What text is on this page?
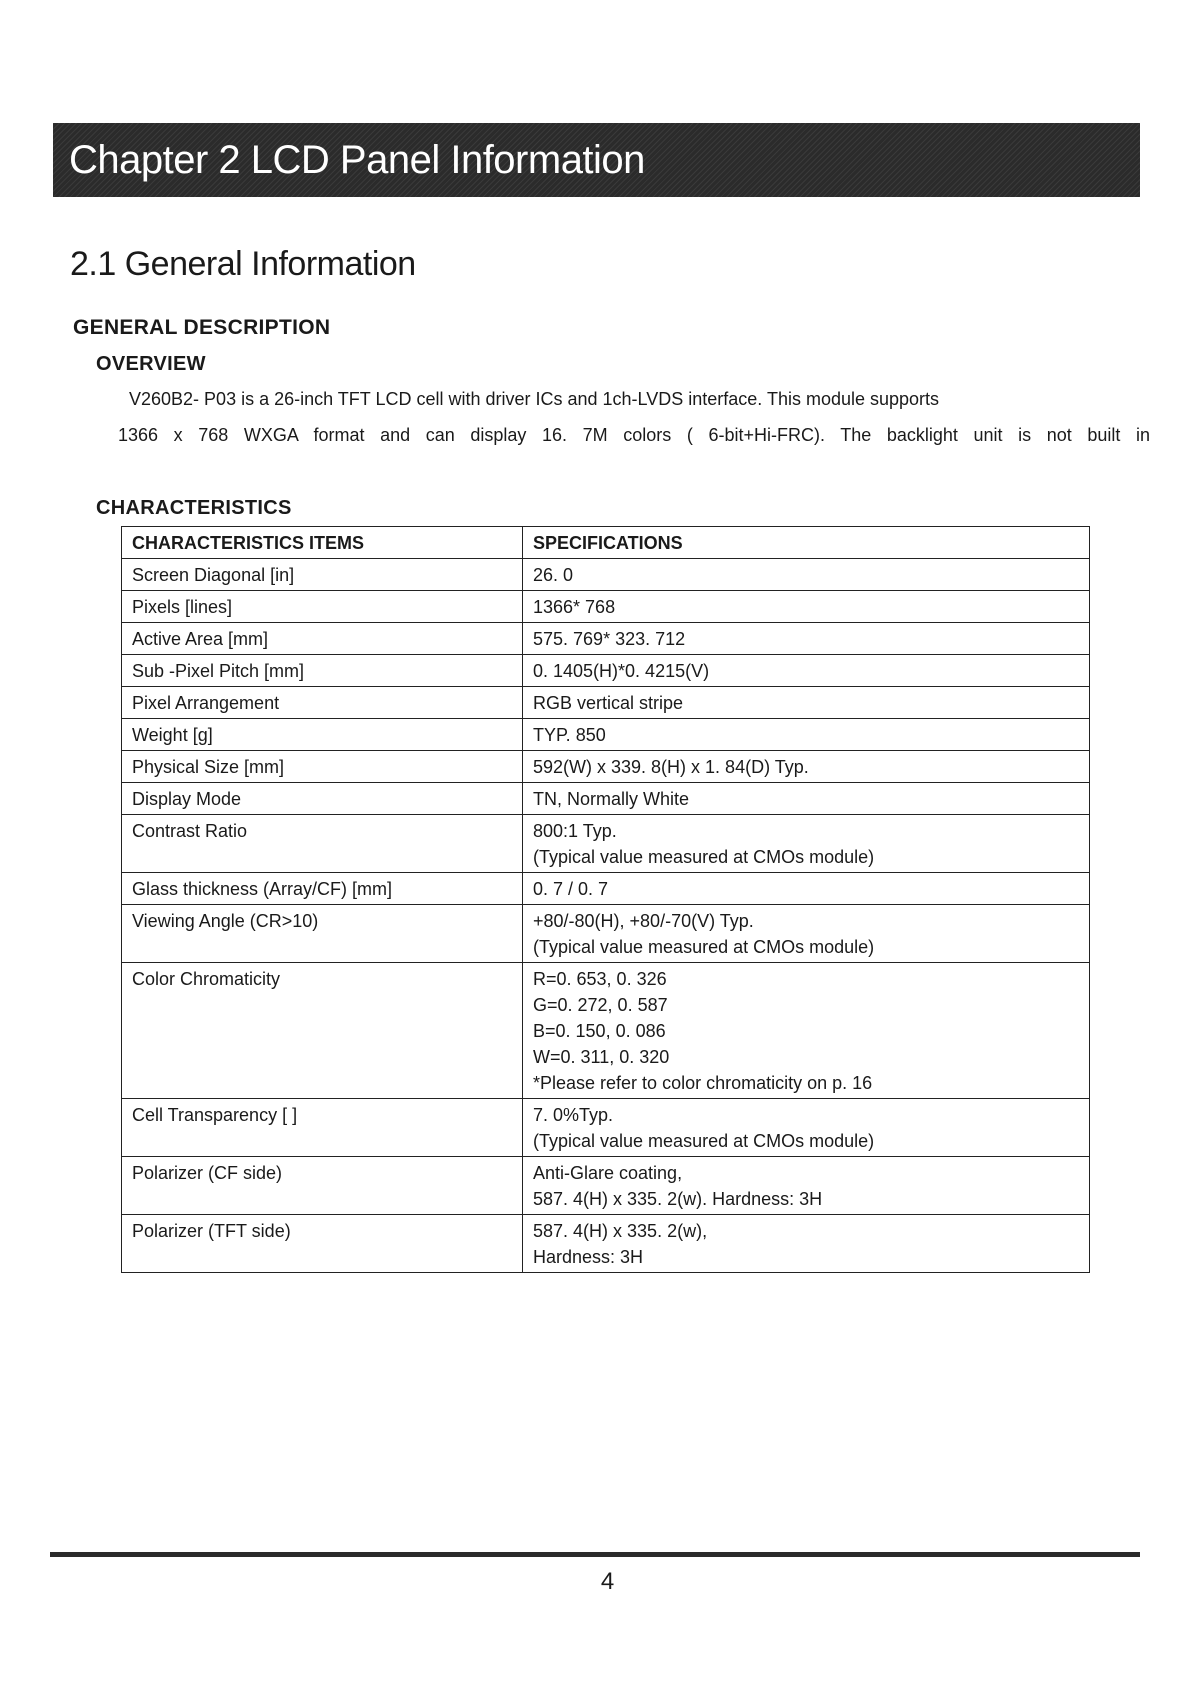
Chapter 2 LCD Panel Information
2.1 General Information
GENERAL DESCRIPTION
OVERVIEW
V260B2- P03 is a 26-inch TFT LCD cell with driver ICs and 1ch-LVDS interface. This module supports
1366 x 768 WXGA format and can display 16. 7M colors ( 6-bit+Hi-FRC). The backlight unit is not built in
CHARACTERISTICS
CHARACTERISTICS ITEMS	SPECIFICATIONS
Screen Diagonal [in]	26. 0

Pixels [lines]	1366* 768

Active Area [mm]	575. 769* 323. 712

Sub -Pixel Pitch [mm]	0. 1405(H)*0. 4215(V)

Pixel Arrangement	RGB vertical stripe

Weight [g]	TYP. 850

Physical Size [mm]	592(W) x 339. 8(H) x 1. 84(D) Typ.

Display Mode	TN, Normally White

Contrast Ratio	800:1 Typ.
(Typical value measured at CMOs module)

Glass thickness (Array/CF) [mm]	0. 7 / 0. 7

Viewing Angle (CR>10)	+80/-80(H), +80/-70(V) Typ.
(Typical value measured at CMOs module)

Color Chromaticity	R=0. 653, 0. 326
G=0. 272, 0. 587
B=0. 150, 0. 086
W=0. 311, 0. 320
*Please refer to color chromaticity on p. 16

Cell Transparency [ ]	7. 0%Typ.
(Typical value measured at CMOs module)

Polarizer (CF side)	Anti-Glare coating,
587. 4(H) x 335. 2(w). Hardness: 3H

Polarizer (TFT side)	587. 4(H) x 335. 2(w),
Hardness: 3H
4
